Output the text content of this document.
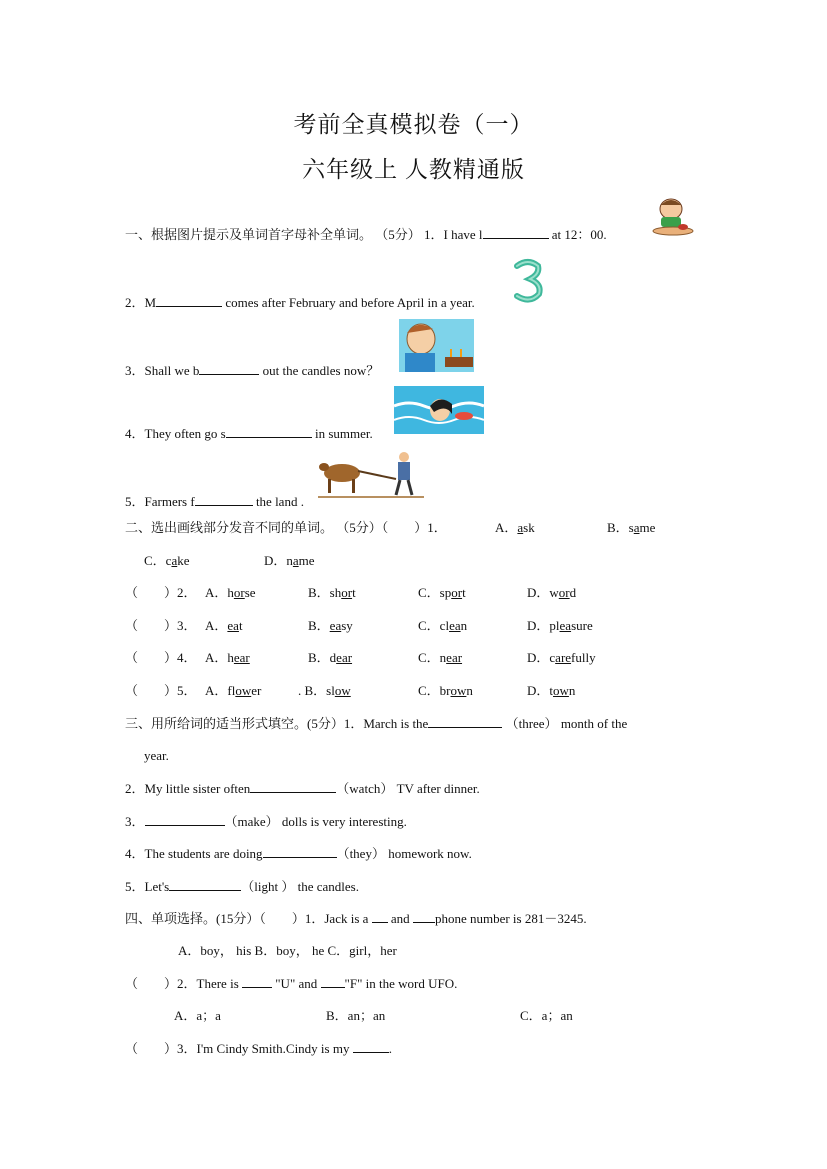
考前全真模拟卷（一）
六年级上 人教精通版
一、根据图片提示及单词首字母补全单词。 （5分） 1．I have l	at 12：00.
2．M	comes after February and before April in a year.
3．Shall we b	out the candles now？
4．They often go s	in summer.
5．Farmers f	the land .
二、选出画线部分发音不同的单词。 （5分）（　　）1．	A．ask	B．same
C．cake	D．name
（　　）2． A．horse	B．short	C．sport	D．word
（　　）3． A．eat	B．easy	C．clean	D．pleasure
（　　）4． A．hear	B．dear	C．near	D．carefully
（　　）5． A．flower	. B．slow	C．brown	D．town
三、用所给词的适当形式填空。(5分）1．March is the	（three） month of the
year.
2．My little sister often	（watch） TV after dinner.
3．	（make） dolls is very interesting.
4．The students are doing	（they） homework now.
5．Let's	（light ） the candles.
四、单项选择。(15分）（　　）1．Jack is a and phone number is 281－3245.
A．boy， his B．boy， he C．girl，her
（　　）2．There is	"U" and "F" in the word UFO.
A．a；a	B．an；an	C．a；an
（　　）3．I'm Cindy Smith.Cindy is my	.
